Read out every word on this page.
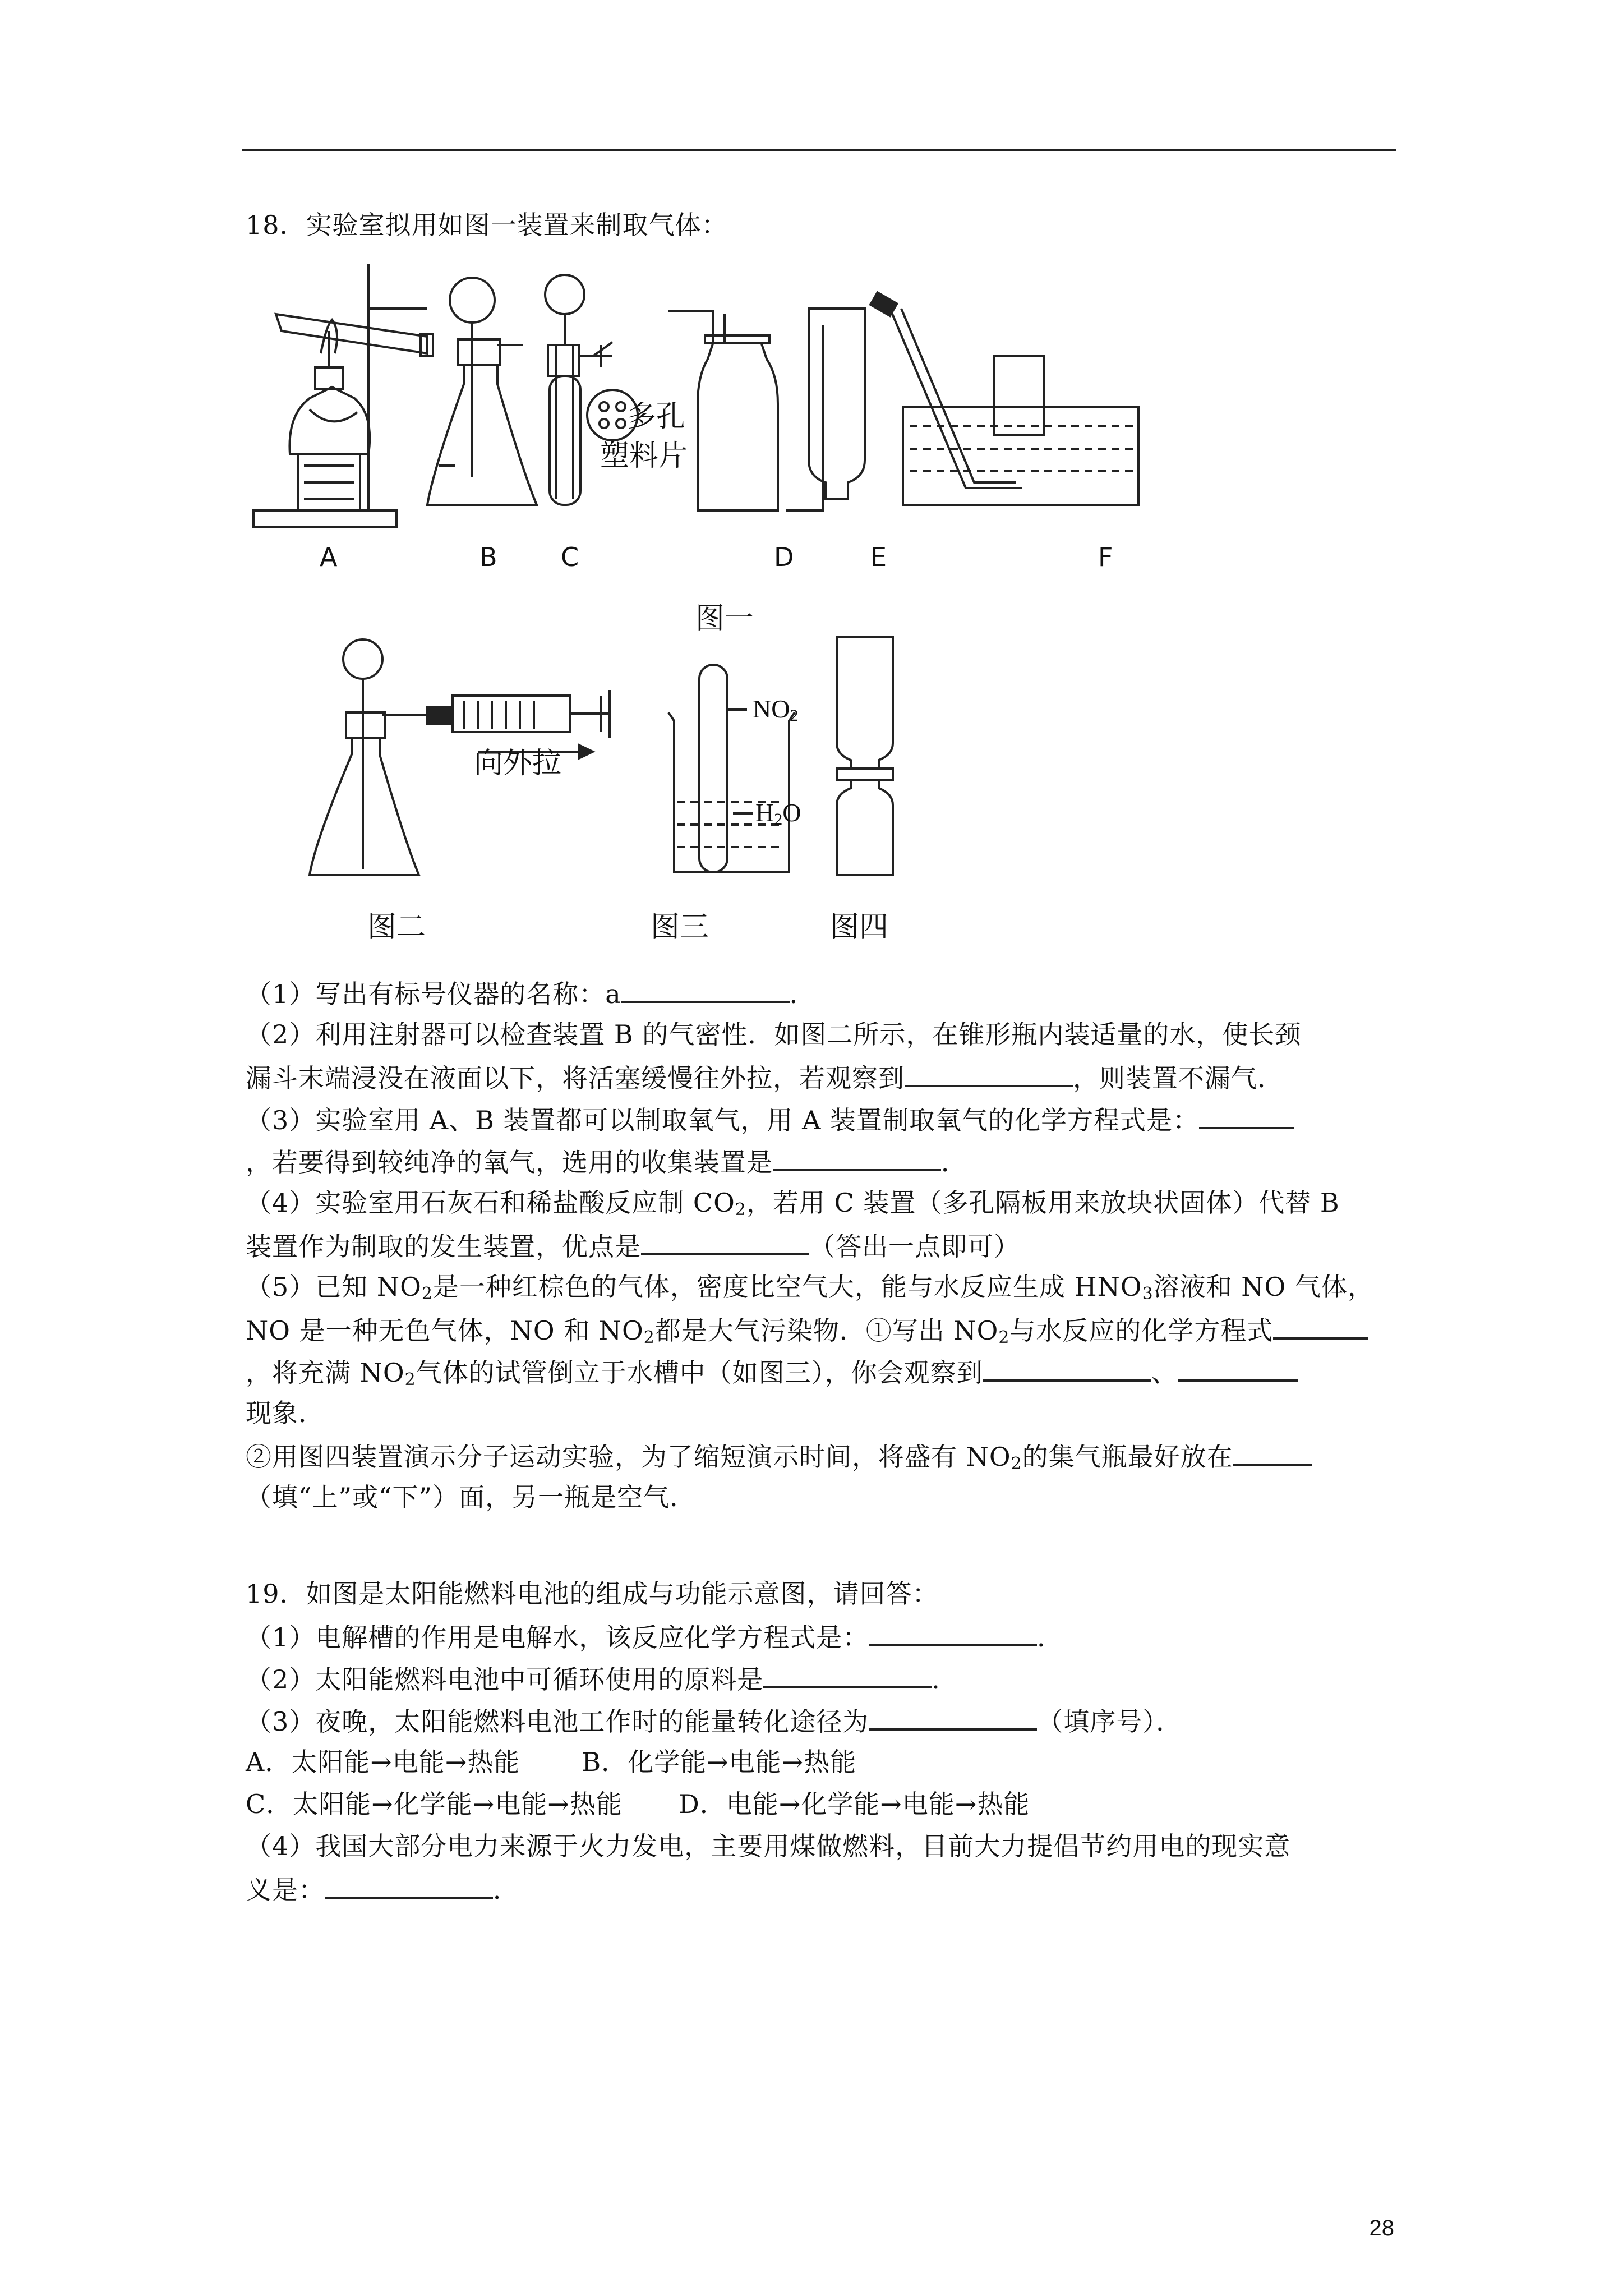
18．实验室拟用如图一装置来制取气体：
A	B C	D	E	F
多孔
塑料片
图一
向外拉
$NO_2$
$H_2O$
图二	图三	图四
（1）写出有标号仪器的名称：a	．
（2）利用注射器可以检查装置 B 的气密性．如图二所示，在锥形瓶内装适量的水，使长颈
漏斗末端浸没在液面以下，将活塞缓慢往外拉，若观察到	，则装置不漏气．
（3）实验室用 A、B 装置都可以制取氧气，用 A 装置制取氧气的化学方程式是：
，若要得到较纯净的氧气，选用的收集装置是	．
（4）实验室用石灰石和稀盐酸反应制 $CO_2$，若用 C 装置（多孔隔板用来放块状固体）代替 B
装置作为制取的发生装置，优点是	（答出一点即可）
（5）已知 $NO_2$是一种红棕色的气体，密度比空气大，能与水反应生成 $HNO_3$溶液和 NO 气体，
NO 是一种无色气体，NO 和 $NO_2$都是大气污染物．①写出 $NO_2$与水反应的化学方程式
，将充满 $NO_2$气体的试管倒立于水槽中（如图三），你会观察到	、
现象．
②用图四装置演示分子运动实验，为了缩短演示时间，将盛有 $NO_2$的集气瓶最好放在
（填“上”或“下”）面，另一瓶是空气．
19．如图是太阳能燃料电池的组成与功能示意图，请回答：
（1）电解槽的作用是电解水，该反应化学方程式是：	．
（2）太阳能燃料电池中可循环使用的原料是	．
（3）夜晚，太阳能燃料电池工作时的能量转化途径为	（填序号）．
A．太阳能→电能→热能 B．化学能→电能→热能
C．太阳能→化学能→电能→热能 D．电能→化学能→电能→热能
（4）我国大部分电力来源于火力发电，主要用煤做燃料，目前大力提倡节约用电的现实意
义是：	．
28
